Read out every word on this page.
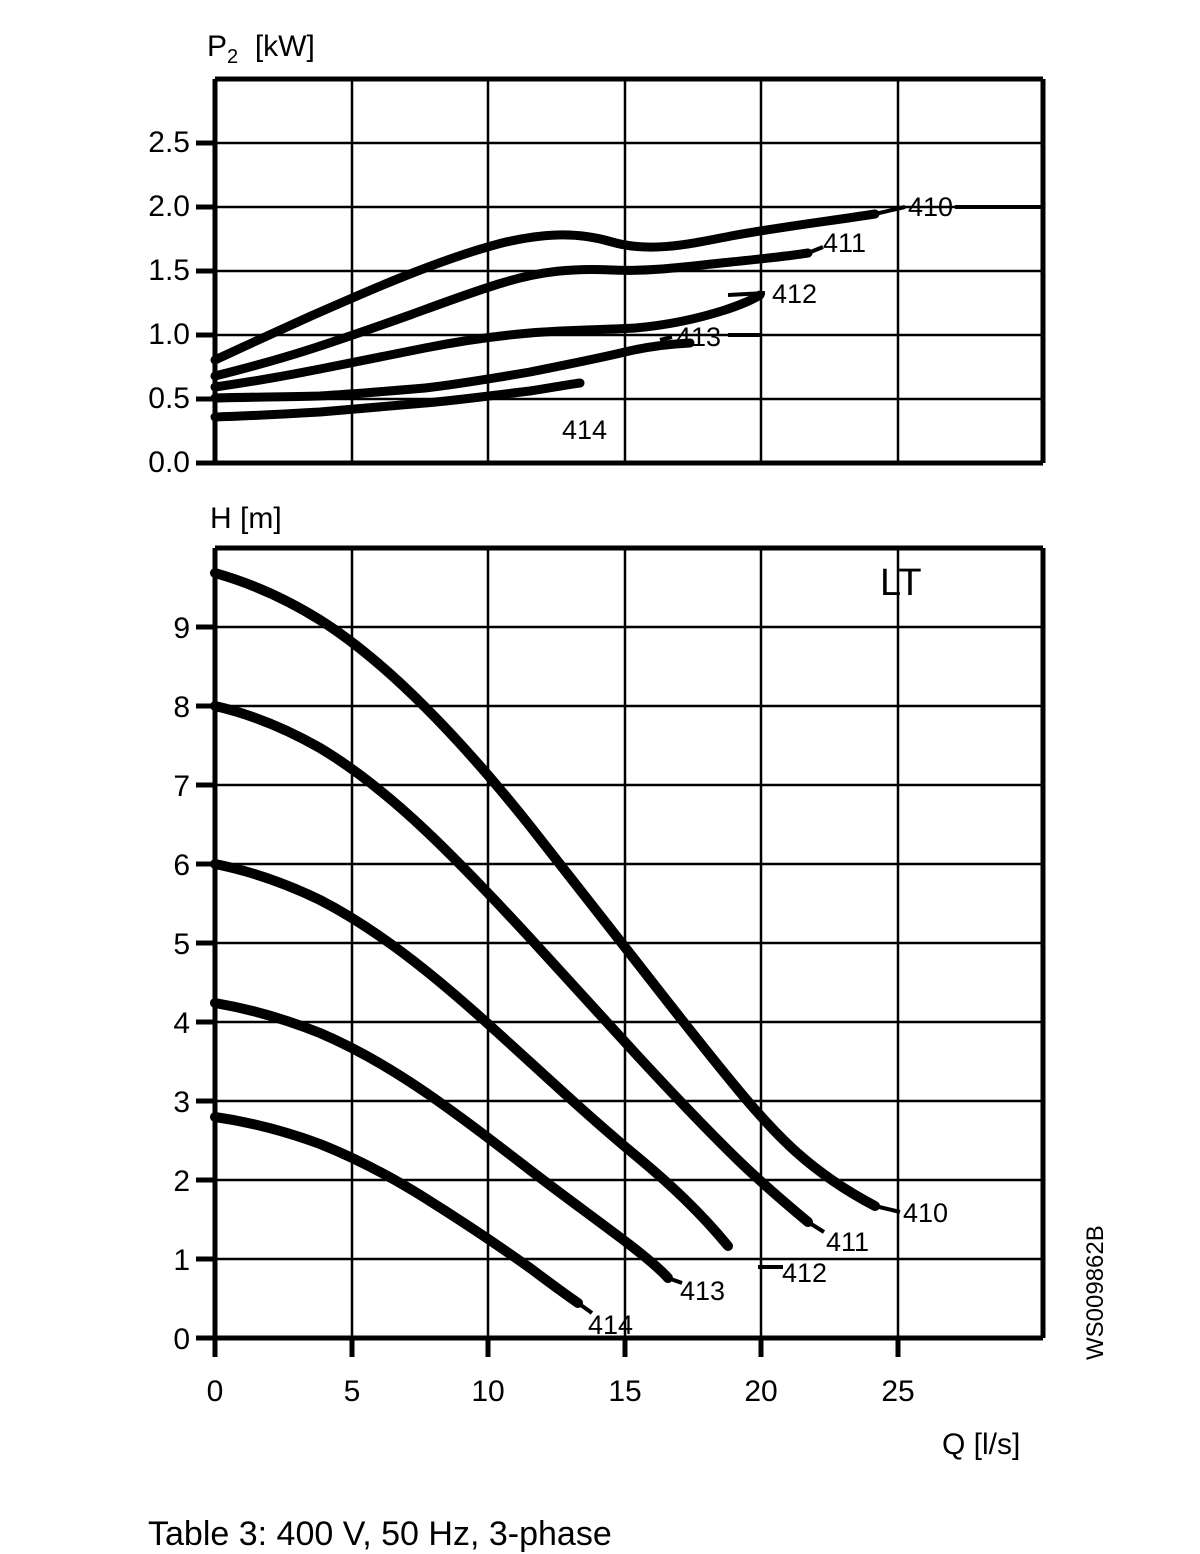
$P_2$ [kW]
2.5
2.0
1.5
1.0
0.5
0.0
410
411
412
413
414
H [m]
LT
9
8
7
6
5
4
3
2
1
0
0	5	10	15	20	25
Q [l/s]
410
411
412
413
414	WS009862B
Table 3: 400 V, 50 Hz, 3-phase
